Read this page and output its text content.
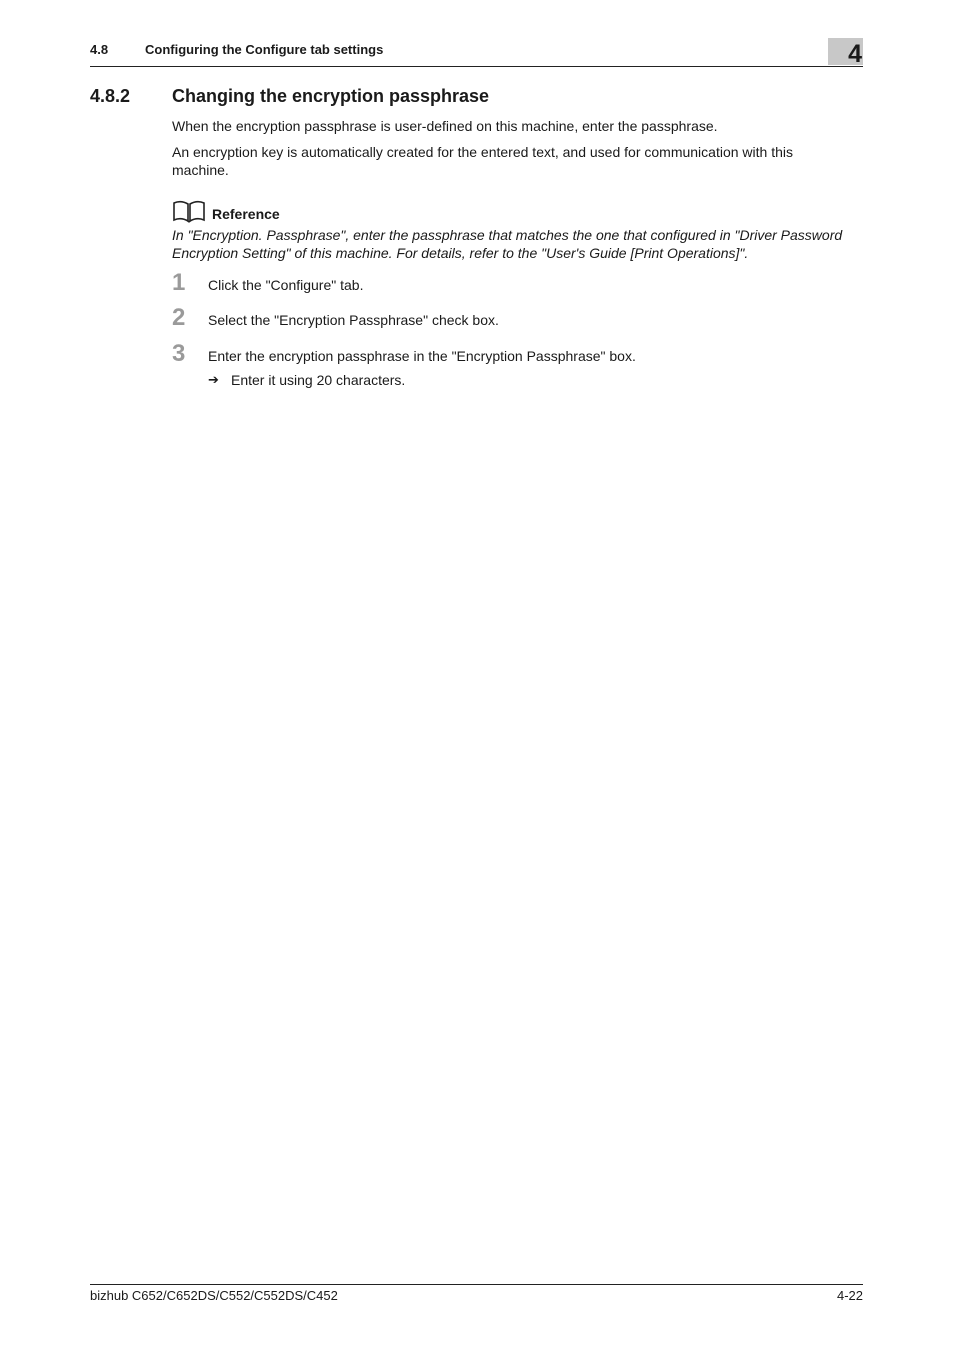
4.8	Configuring the Configure tab settings	4
4.8.2 Changing the encryption passphrase
When the encryption passphrase is user-defined on this machine, enter the passphrase.
An encryption key is automatically created for the entered text, and used for communication with this machine.
Reference
In "Encryption. Passphrase", enter the passphrase that matches the one that configured in "Driver Password Encryption Setting" of this machine. For details, refer to the "User's Guide [Print Operations]".
1 Click the "Configure" tab.
2 Select the "Encryption Passphrase" check box.
3 Enter the encryption passphrase in the "Encryption Passphrase" box.
➔ Enter it using 20 characters.
bizhub C652/C652DS/C552/C552DS/C452	4-22
